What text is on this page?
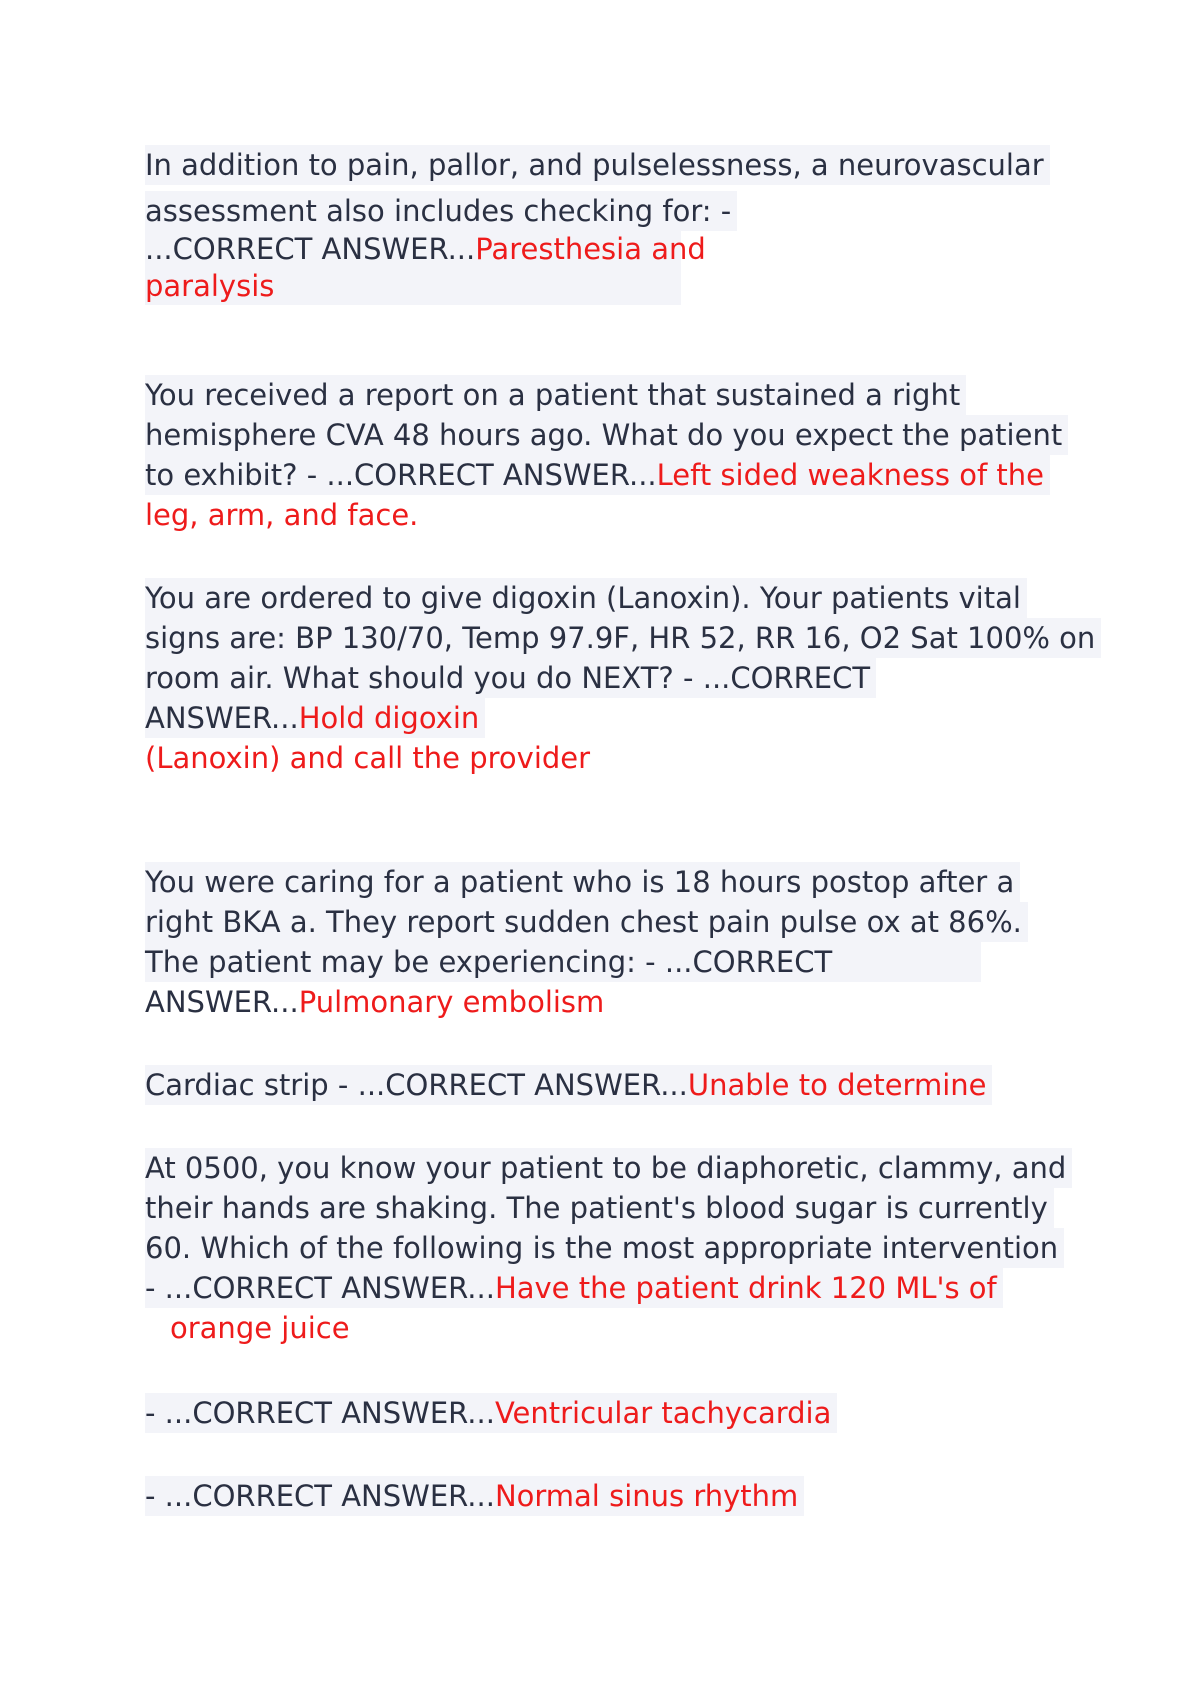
In addition to pain, pallor, and pulselessness, a neurovascular
assessment also includes checking for: -
...CORRECT ANSWER...Paresthesia and
paralysis
You received a report on a patient that sustained a right
hemisphere CVA 48 hours ago. What do you expect the patient
to exhibit? - ...CORRECT ANSWER...Left sided weakness of the
leg, arm, and face.
You are ordered to give digoxin (Lanoxin). Your patients vital
signs are: BP 130/70, Temp 97.9F, HR 52, RR 16, O2 Sat 100% on
room air. What should you do NEXT? - ...CORRECT
ANSWER...Hold digoxin
(Lanoxin) and call the provider
You were caring for a patient who is 18 hours postop after a
right BKA a. They report sudden chest pain pulse ox at 86%.
The patient may be experiencing: - ...CORRECT
ANSWER...Pulmonary embolism
Cardiac strip - ...CORRECT ANSWER...Unable to determine
At 0500, you know your patient to be diaphoretic, clammy, and
their hands are shaking. The patient's blood sugar is currently
60. Which of the following is the most appropriate intervention
- ...CORRECT ANSWER...Have the patient drink 120 ML's of
orange juice
- ...CORRECT ANSWER...Ventricular tachycardia
- ...CORRECT ANSWER...Normal sinus rhythm
